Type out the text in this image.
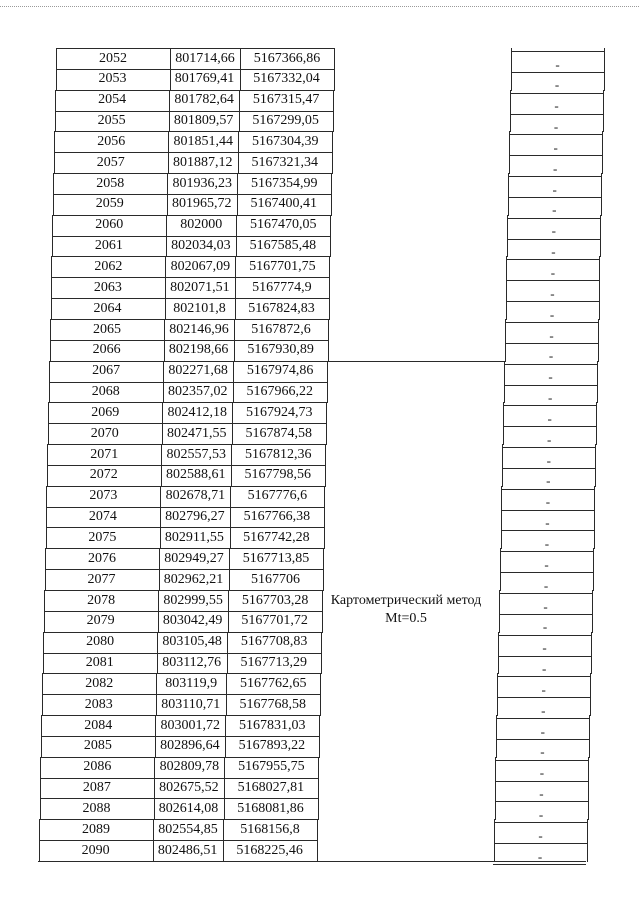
2052	801714,66	5167366,86	-
2053	801769,41	5167332,04	-
2054	801782,64	5167315,47	-
2055	801809,57	5167299,05	-
2056	801851,44	5167304,39	-
2057	801887,12	5167321,34	-
2058	801936,23	5167354,99	-
2059	801965,72	5167400,41	-
2060	802000	5167470,05	-
2061	802034,03	5167585,48	-
2062	802067,09	5167701,75	-
2063	802071,51	5167774,9	-
2064	802101,8	5167824,83	-
2065	802146,96	5167872,6	-
2066	802198,66	5167930,89	-
2067	802271,68	5167974,86	-
2068	802357,02	5167966,22	-
2069	802412,18	5167924,73	-
2070	802471,55	5167874,58	-
2071	802557,53	5167812,36	-
2072	802588,61	5167798,56	-
2073	802678,71	5167776,6	-
2074	802796,27	5167766,38	-
2075	802911,55	5167742,28	-
2076	802949,27	5167713,85	-
2077	802962,21	5167706	-
2078	802999,55	5167703,28	-
2079	803042,49	5167701,72	-
2080	803105,48	5167708,83	-
2081	803112,76	5167713,29	-
2082	803119,9	5167762,65	-
2083	803110,71	5167768,58	-
2084	803001,72	5167831,03	-
2085	802896,64	5167893,22	-
2086	802809,78	5167955,75	-
2087	802675,52	5168027,81	-
2088	802614,08	5168081,86	-
2089	802554,85	5168156,8	-
2090	802486,51	5168225,46	-
Картометрический метод
Mt=0.5
